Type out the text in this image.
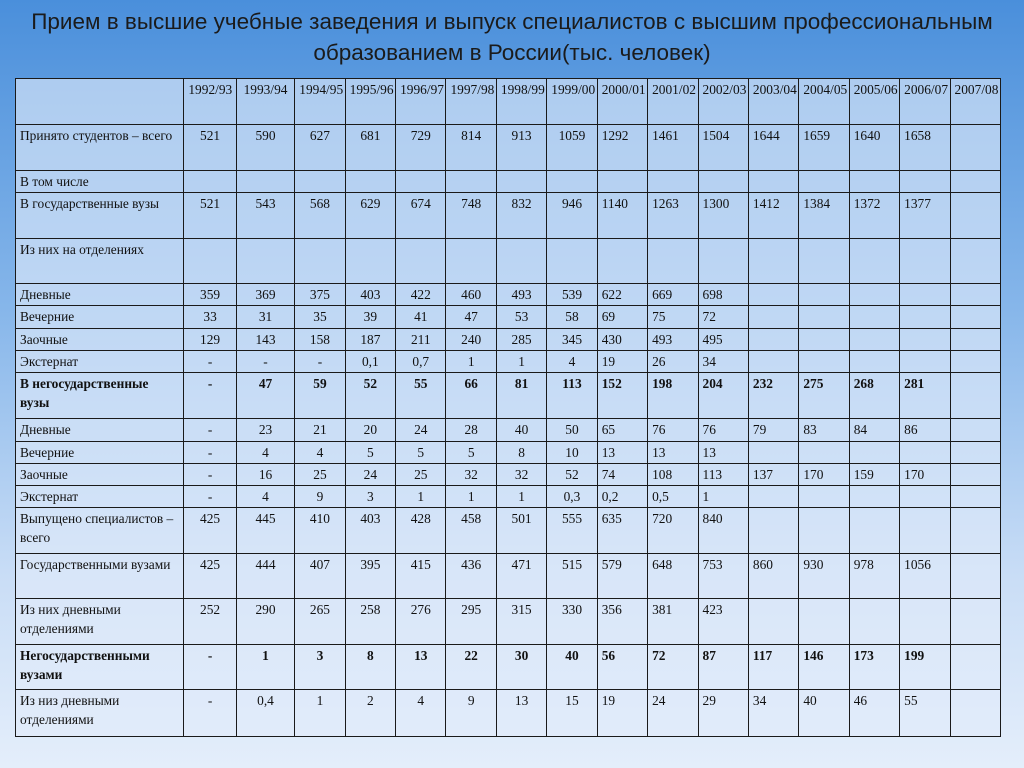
Прием в высшие учебные заведения и выпуск специалистов с высшим профессиональным образованием в России(тыс. человек)
	1992/93	1993/94	1994/95	1995/96	1996/97	1997/98	1998/99	1999/00	2000/01	2001/02	2002/03	2003/04	2004/05	2005/06	2006/07	2007/08
Принято студентов – всего	521	590	627	681	729	814	913	1059	1292	1461	1504	1644	1659	1640	1658	
В том числе																
В государственные вузы	521	543	568	629	674	748	832	946	1140	1263	1300	1412	1384	1372	1377	
Из них на отделениях																
Дневные	359	369	375	403	422	460	493	539	622	669	698					
Вечерние	33	31	35	39	41	47	53	58	69	75	72					
Заочные	129	143	158	187	211	240	285	345	430	493	495					
Экстернат	-	-	-	0,1	0,7	1	1	4	19	26	34					
В негосударственные вузы	-	47	59	52	55	66	81	113	152	198	204	232	275	268	281	
Дневные	-	23	21	20	24	28	40	50	65	76	76	79	83	84	86	
Вечерние	-	4	4	5	5	5	8	10	13	13	13					
Заочные	-	16	25	24	25	32	32	52	74	108	113	137	170	159	170	
Экстернат	-	4	9	3	1	1	1	0,3	0,2	0,5	1					
Выпущено специалистов – всего	425	445	410	403	428	458	501	555	635	720	840					
Государственными вузами	425	444	407	395	415	436	471	515	579	648	753	860	930	978	1056	
Из них дневными отделениями	252	290	265	258	276	295	315	330	356	381	423					
Негосударственными вузами	-	1	3	8	13	22	30	40	56	72	87	117	146	173	199	
Из низ дневными отделениями	-	0,4	1	2	4	9	13	15	19	24	29	34	40	46	55	
